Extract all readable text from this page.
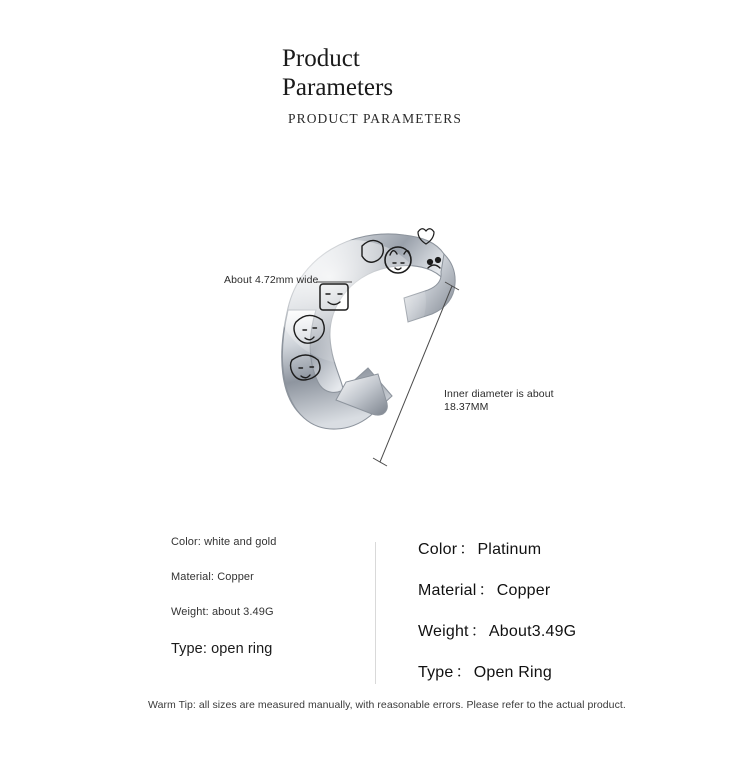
Product Parameters
PRODUCT PARAMETERS
About 4.72mm wide
Inner diameter is about 18.37MM
Color: white and gold
Material: Copper
Weight: about 3.49G
Type: open ring
Color ： Platinum
Material ： Copper
Weight ： About3.49G
Type ： Open Ring
Warm Tip: all sizes are measured manually, with reasonable errors. Please refer to the actual product.
